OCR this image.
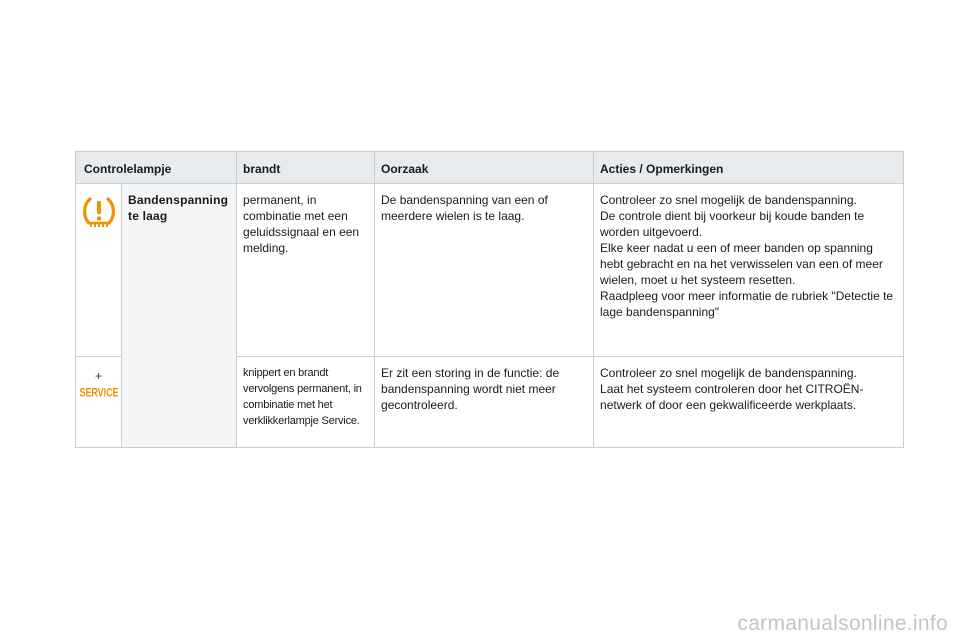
Controlelampje		brandt	Oorzaak	Acties / Opmerkingen
	Bandenspanning te laag	permanent, in combinatie met een geluidssignaal en een melding.	De bandenspanning van een of meerdere wielen is te laag.	Controleer zo snel mogelijk de bandenspanning.
De controle dient bij voorkeur bij koude banden te worden uitgevoerd.
Elke keer nadat u een of meer banden op spanning hebt gebracht en na het verwisselen van een of meer wielen, moet u het systeem resetten.
Raadpleeg voor meer informatie de rubriek "Detectie te lage bandenspanning"

+
SERVICE		knippert en brandt vervolgens permanent, in combinatie met het verklikkerlampje Service.	Er zit een storing in de functie: de bandenspanning wordt niet meer gecontroleerd.	Controleer zo snel mogelijk de bandenspanning.
Laat het systeem controleren door het CITROËN-netwerk of door een gekwalificeerde werkplaats.
carmanualsonline.info
